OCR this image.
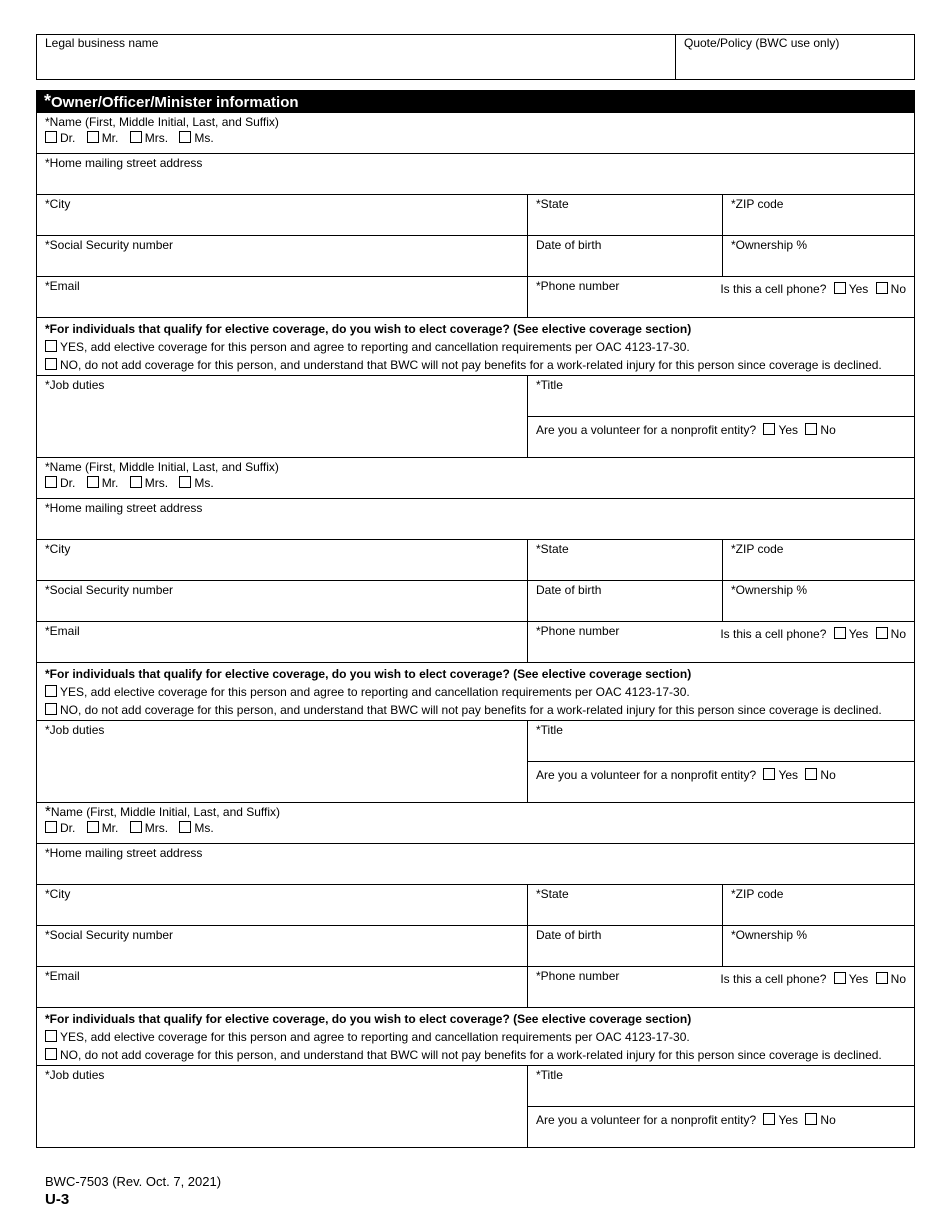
Legal business name	Quote/Policy (BWC use only)
*Owner/Officer/Minister information
*Name (First, Middle Initial, Last, and Suffix)
Dr. Mr. Mrs. Ms.
*Home mailing street address
*City	*State	*ZIP code
*Social Security number	Date of birth	*Ownership %
*Email	*Phone number	Is this a cell phone? Yes No
*For individuals that qualify for elective coverage, do you wish to elect coverage? (See elective coverage section)
YES, add elective coverage for this person and agree to reporting and cancellation requirements per OAC 4123-17-30.
NO, do not add coverage for this person, and understand that BWC will not pay benefits for a work-related injury for this person since coverage is declined.
*Job duties	*Title
Are you a volunteer for a nonprofit entity? Yes No
*Name (First, Middle Initial, Last, and Suffix)
Dr. Mr. Mrs. Ms.
*Home mailing street address
*City	*State	*ZIP code
*Social Security number	Date of birth	*Ownership %
*Email	*Phone number	Is this a cell phone? Yes No
*For individuals that qualify for elective coverage, do you wish to elect coverage? (See elective coverage section)
YES, add elective coverage for this person and agree to reporting and cancellation requirements per OAC 4123-17-30.
NO, do not add coverage for this person, and understand that BWC will not pay benefits for a work-related injury for this person since coverage is declined.
*Job duties	*Title
Are you a volunteer for a nonprofit entity? Yes No
*Name (First, Middle Initial, Last, and Suffix)
Dr. Mr. Mrs. Ms.
*Home mailing street address
*City	*State	*ZIP code
*Social Security number	Date of birth	*Ownership %
*Email	*Phone number	Is this a cell phone? Yes No
*For individuals that qualify for elective coverage, do you wish to elect coverage? (See elective coverage section)
YES, add elective coverage for this person and agree to reporting and cancellation requirements per OAC 4123-17-30.
NO, do not add coverage for this person, and understand that BWC will not pay benefits for a work-related injury for this person since coverage is declined.
*Job duties	*Title
Are you a volunteer for a nonprofit entity? Yes No
BWC-7503 (Rev. Oct. 7, 2021)
U-3
